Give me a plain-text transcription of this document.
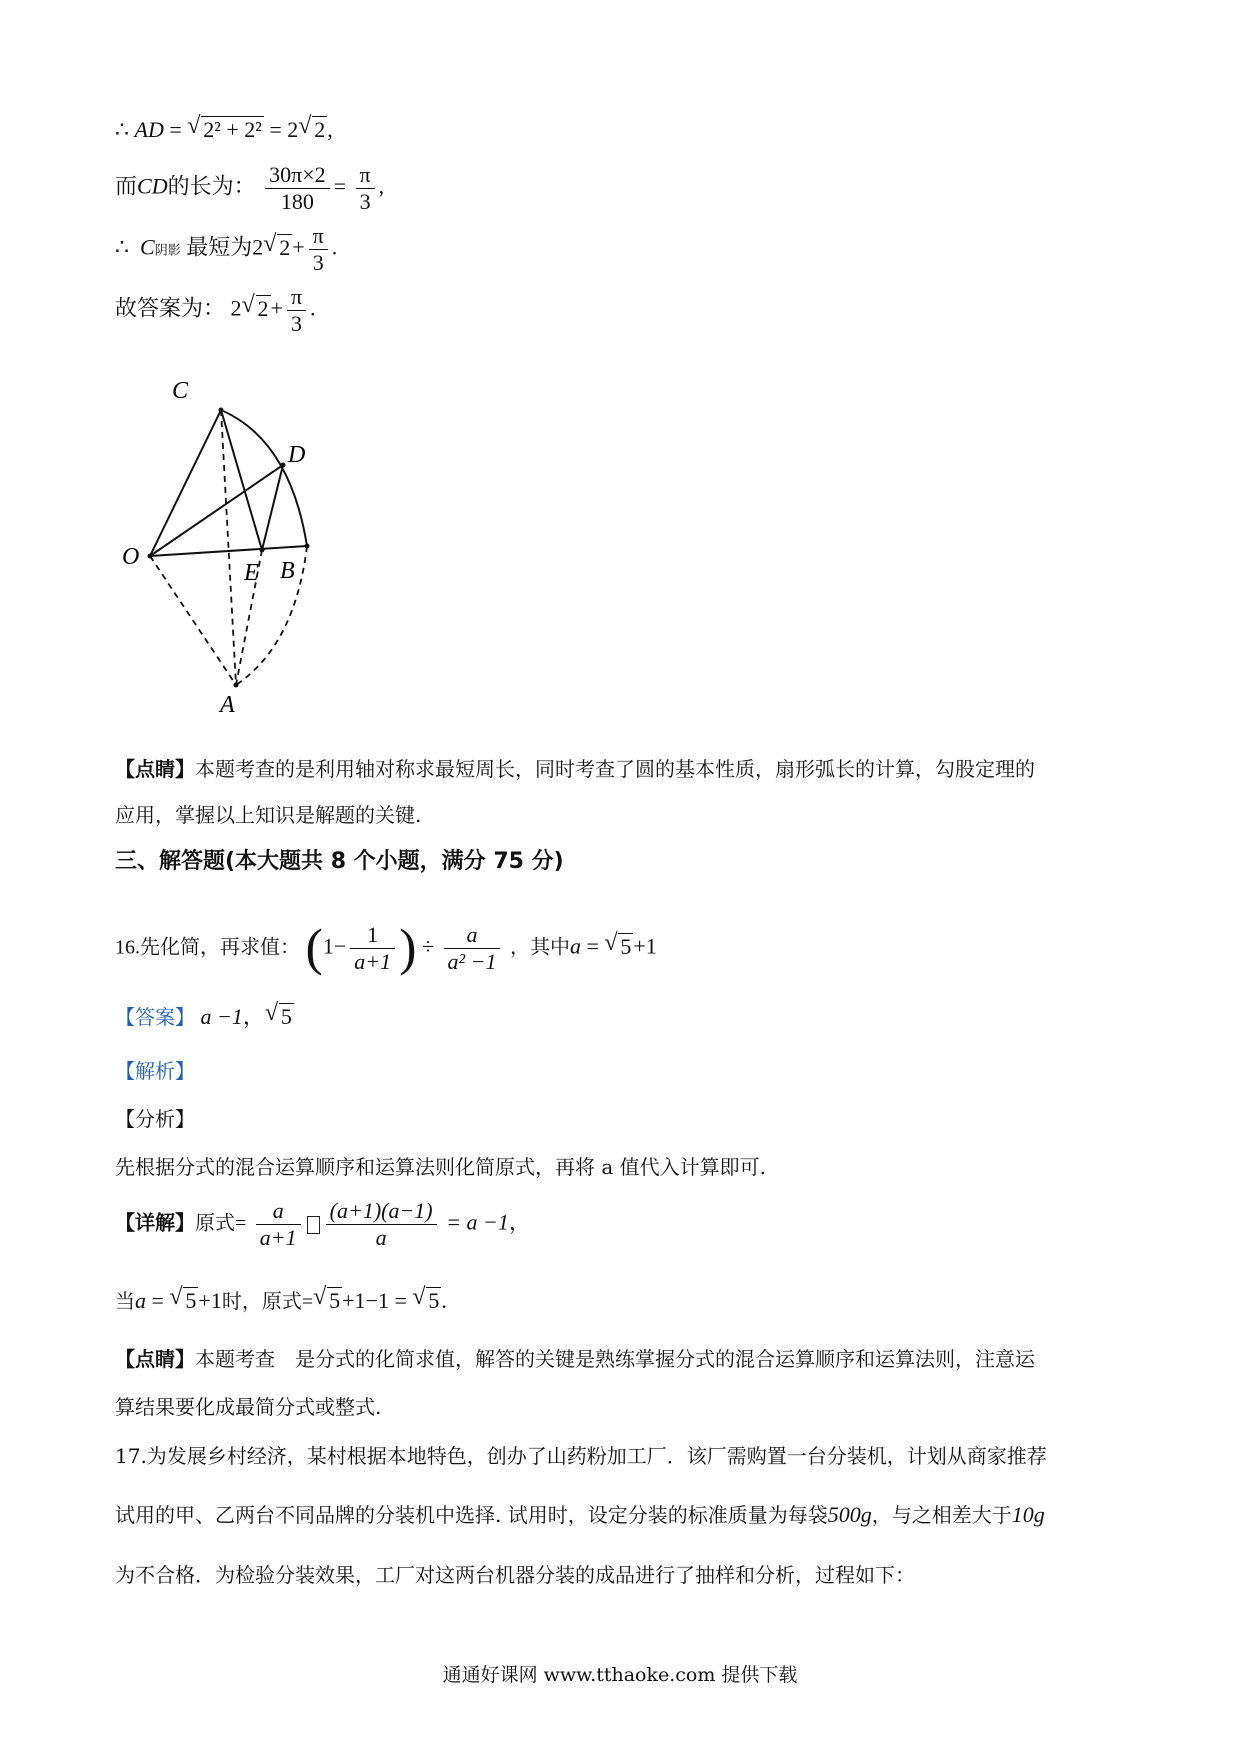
∴ AD = √ 2² + 2² = 2 √ 2,
而CD的长为： $\frac{30\pi\times 2}{180} = \frac{\pi}{3}$ ,
∴ C阴影 最短为2 √ $2+ \frac{\pi}{3}$ .
故答案为： 2 √ $2+ \frac{\pi}{3}$ .
C
D
O
E B
A
【点睛】本题考查的是利用轴对称求最短周长，同时考查了圆的基本性质，扇形弧长的计算，勾股定理的
应用，掌握以上知识是解题的关键.
三、解答题(本大题共 8 个小题，满分 75 分)
16.先化简，再求值： ($1- \frac{1}{a+1}$ ) ÷ $\frac{a}{\text{a² −1}}$ ，其中a = √ 5+1
【答案】 a −1， √ 5
【解析】
【分析】
先根据分式的混合运算顺序和运算法则化简原式，再将 a 值代入计算即可.
【详解】原式= $\frac{a}{a+1} \frac{(a+1)(a-1)}{a} = a -1$，
当a = √ 5+1时，原式= √ 5+1−1 = √ 5.
【点睛】本题考查　是分式的化简求值，解答的关键是熟练掌握分式的混合运算顺序和运算法则，注意运
算结果要化成最简分式或整式.
17.为发展乡村经济，某村根据本地特色，创办了山药粉加工厂．该厂需购置一台分装机，计划从商家推荐
试用的甲、乙两台不同品牌的分装机中选择. 试用时，设定分装的标准质量为每袋500g，与之相差大于10g
为不合格．为检验分装效果，工厂对这两台机器分装的成品进行了抽样和分析，过程如下：
通通好课网 www.tthaoke.com 提供下载
